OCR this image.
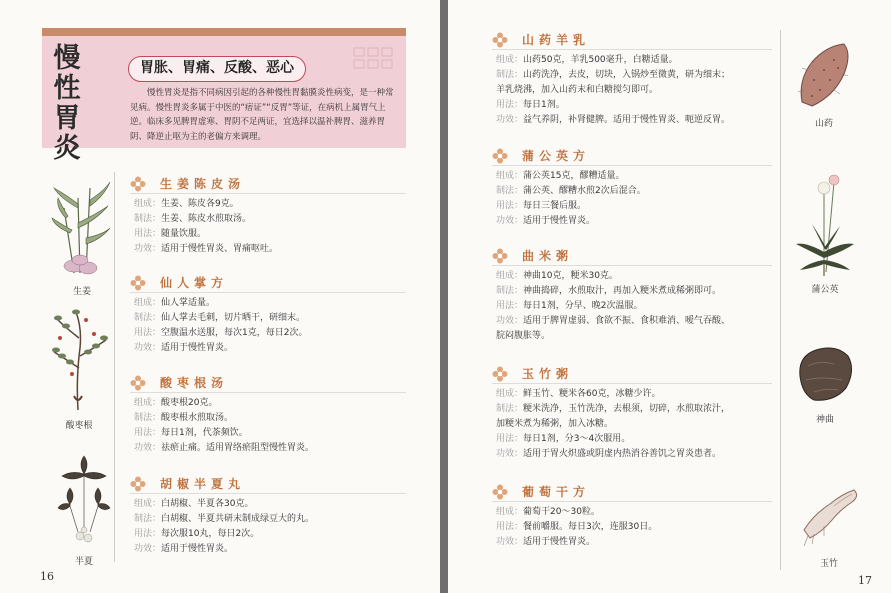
慢性胃炎
胃胀、胃痛、反酸、恶心
慢性胃炎是指不同病因引起的各种慢性胃黏膜炎性病变，是一种常见病。慢性胃炎多属于中医的“痞证”“反胃”等证，在病机上属胃气上逆。临床多见脾胃虚寒、胃阴不足两证，宜选择以温补脾胃、滋养胃阴、降逆止呕为主的老偏方来调理。
生姜陈皮汤
组成：生姜、陈皮各9克。
制法：生姜、陈皮水煎取汤。
用法：随量饮服。
功效：适用于慢性胃炎、胃痛呕吐。
仙人掌方
组成：仙人掌适量。
制法：仙人掌去毛刺，切片晒干，研细末。
用法：空腹温水送服，每次1克，每日2次。
功效：适用于慢性胃炎。
酸枣根汤
组成：酸枣根20克。
制法：酸枣根水煎取汤。
用法：每日1剂，代茶频饮。
功效：祛瘀止痛。适用胃络瘀阻型慢性胃炎。
胡椒半夏丸
组成：白胡椒、半夏各30克。
制法：白胡椒、半夏共研末制成绿豆大的丸。
用法：每次服10丸，每日2次。
功效：适用于慢性胃炎。
生姜
酸枣根
半夏
16
山药羊乳
组成：山药50克，羊乳500毫升，白糖适量。
制法：山药洗净，去皮，切块，入锅炒至微黄，研为细末；
羊乳烧沸，加入山药末和白糖搅匀即可。
用法：每日1剂。
功效：益气养阴，补肾健脾。适用于慢性胃炎、呃逆反胃。
蒲公英方
组成：蒲公英15克，醪糟适量。
制法：蒲公英、醪糟水煎2次后混合。
用法：每日三餐后服。
功效：适用于慢性胃炎。
曲米粥
组成：神曲10克，粳米30克。
制法：神曲捣碎，水煎取汁，再加入粳米煮成稀粥即可。
用法：每日1剂，分早、晚2次温服。
功效：适用于脾胃虚弱、食欲不振、食积难消、嗳气吞酸、
脘闷腹胀等。
玉竹粥
组成：鲜玉竹、粳米各60克，冰糖少许。
制法：粳米洗净，玉竹洗净，去根须，切碎，水煎取浓汁，
加粳米煮为稀粥，加入冰糖。
用法：每日1剂，分3～4次服用。
功效：适用于胃火炽盛或阴虚内热消谷善饥之胃炎患者。
葡萄干方
组成：葡萄干20～30粒。
用法：餐前嚼服。每日3次，连服30日。
功效：适用于慢性胃炎。
山药
蒲公英
神曲
玉竹
17
